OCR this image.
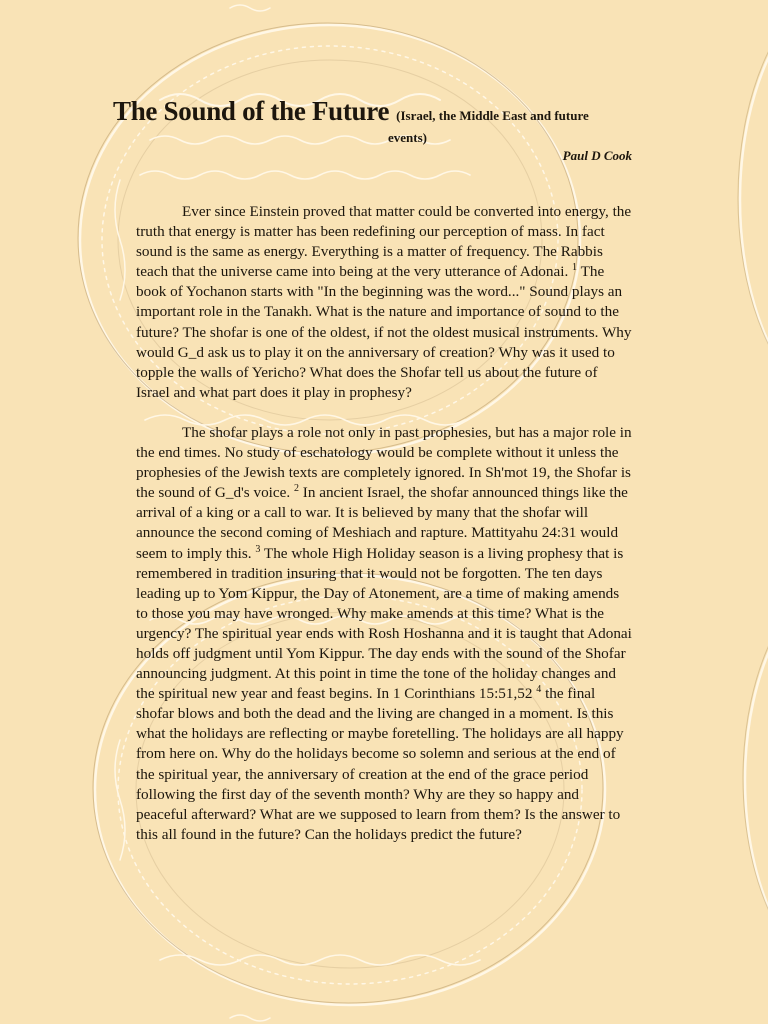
The Sound of the Future (Israel, the Middle East and future
events)
Paul D Cook

Ever since Einstein proved that matter could be converted into energy, the truth that energy is matter has been redefining our perception of mass. In fact sound is the same as energy. Everything is a matter of frequency. The Rabbis teach that the universe came into being at the very utterance of Adonai. $^1$ The book of Yochanon starts with "In the beginning was the word..." Sound plays an important role in the Tanakh. What is the nature and importance of sound to the future? The shofar is one of the oldest, if not the oldest musical instruments. Why would G_d ask us to play it on the anniversary of creation? Why was it used to topple the walls of Yericho? What does the Shofar tell us about the future of Israel and what part does it play in prophesy?

The shofar plays a role not only in past prophesies, but has a major role in the end times. No study of eschatology would be complete without it unless the prophesies of the Jewish texts are completely ignored. In Sh'mot 19, the Shofar is the sound of G_d's voice. $^2$ In ancient Israel, the shofar announced things like the arrival of a king or a call to war. It is believed by many that the shofar will announce the second coming of Meshiach and rapture. Mattityahu 24:31 would seem to imply this. $^3$ The whole High Holiday season is a living prophesy that is remembered in tradition insuring that it would not be forgotten. The ten days leading up to Yom Kippur, the Day of Atonement, are a time of making amends to those you may have wronged. Why make amends at this time? What is the urgency? The spiritual year ends with Rosh Hoshanna and it is taught that Adonai holds off judgment until Yom Kippur. The day ends with the sound of the Shofar announcing judgment. At this point in time the tone of the holiday changes and the spiritual new year and feast begins. In 1 Corinthians 15:51,52 $^4$ the final shofar blows and both the dead and the living are changed in a moment. Is this what the holidays are reflecting or maybe foretelling. The holidays are all happy from here on. Why do the holidays become so solemn and serious at the end of the spiritual year, the anniversary of creation at the end of the grace period following the first day of the seventh month? Why are they so happy and peaceful afterward? What are we supposed to learn from them? Is the answer to this all found in the future? Can the holidays predict the future?
